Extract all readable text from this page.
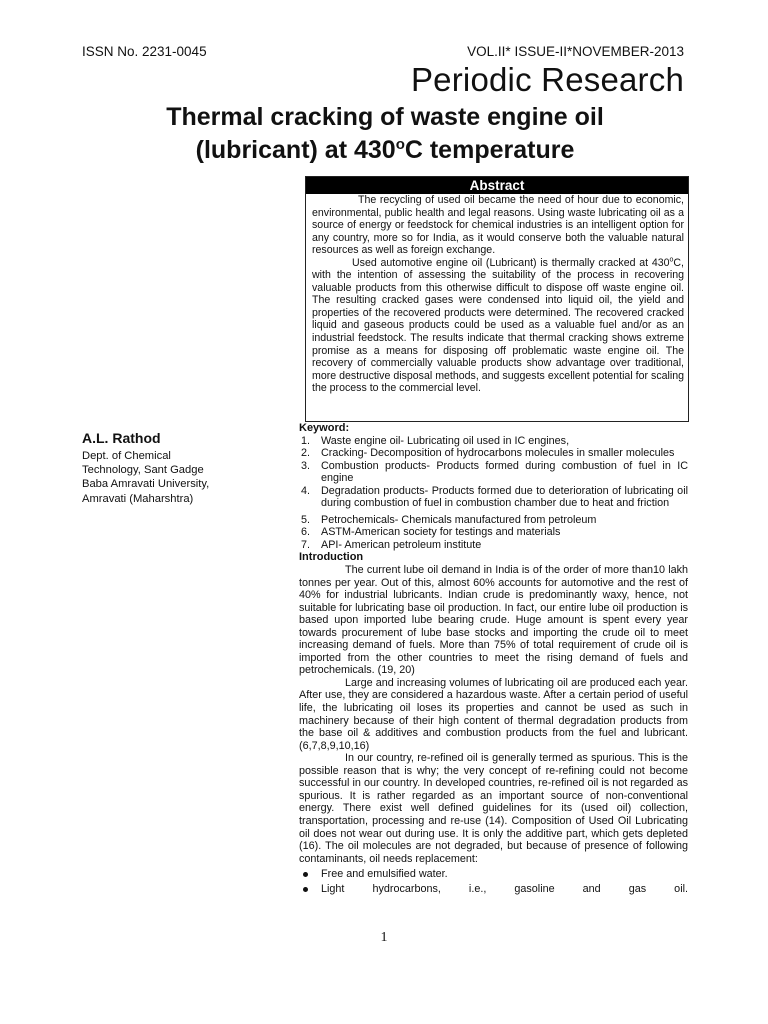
ISSN No. 2231-0045	VOL.II* ISSUE-II*NOVEMBER-2013
Periodic Research
Thermal cracking of waste engine oil
(lubricant) at 430$^o$C temperature
Abstract

The recycling of used oil became the need of hour due to economic, environmental, public health and legal reasons. Using waste lubricating oil as a source of energy or feedstock for chemical industries is an intelligent option for any country, more so for India, as it would conserve both the valuable natural resources as well as foreign exchange.

Used automotive engine oil (Lubricant) is thermally cracked at 430$^o$C, with the intention of assessing the suitability of the process in recovering valuable products from this otherwise difficult to dispose off waste engine oil. The resulting cracked gases were condensed into liquid oil, the yield and properties of the recovered products were determined. The recovered cracked liquid and gaseous products could be used as a valuable fuel and/or as an industrial feedstock. The results indicate that thermal cracking shows extreme promise as a means for disposing off problematic waste engine oil. The recovery of commercially valuable products show advantage over traditional, more destructive disposal methods, and suggests excellent potential for scaling the process to the commercial level.

A.L. Rathod
Dept. of Chemical
Technology, Sant Gadge
Baba Amravati University,
Amravati (Maharshtra)
Keyword:
1. Waste engine oil- Lubricating oil used in IC engines,
2. Cracking- Decomposition of hydrocarbons molecules in smaller molecules
3. Combustion products- Products formed during combustion of fuel in IC engine
4. Degradation products- Products formed due to deterioration of lubricating oil during combustion of fuel in combustion chamber due to heat and friction
5. Petrochemicals- Chemicals manufactured from petroleum
6. ASTM-American society for testings and materials
7. API- American petroleum institute
Introduction

The current lube oil demand in India is of the order of more than10 lakh tonnes per year. Out of this, almost 60% accounts for automotive and the rest of 40% for industrial lubricants. Indian crude is predominantly waxy, hence, not suitable for lubricating base oil production. In fact, our entire lube oil production is based upon imported lube bearing crude. Huge amount is spent every year towards procurement of lube base stocks and importing the crude oil to meet increasing demand of fuels. More than 75% of total requirement of crude oil is imported from the other countries to meet the rising demand of fuels and petrochemicals. (19, 20)

Large and increasing volumes of lubricating oil are produced each year. After use, they are considered a hazardous waste. After a certain period of useful life, the lubricating oil loses its properties and cannot be used as such in machinery because of their high content of thermal degradation products from the base oil & additives and combustion products from the fuel and lubricant. (6,7,8,9,10,16)

In our country, re-refined oil is generally termed as spurious. This is the possible reason that is why; the very concept of re-refining could not become successful in our country. In developed countries, re-refined oil is not regarded as spurious. It is rather regarded as an important source of non-conventional energy. There exist well defined guidelines for its (used oil) collection, transportation, processing and re-use (14). Composition of Used Oil Lubricating oil does not wear out during use. It is only the additive part, which gets depleted (16). The oil molecules are not degraded, but because of presence of following contaminants, oil needs replacement:

Free and emulsified water.
Light hydrocarbons, i.e., gasoline and gas oil.
1
